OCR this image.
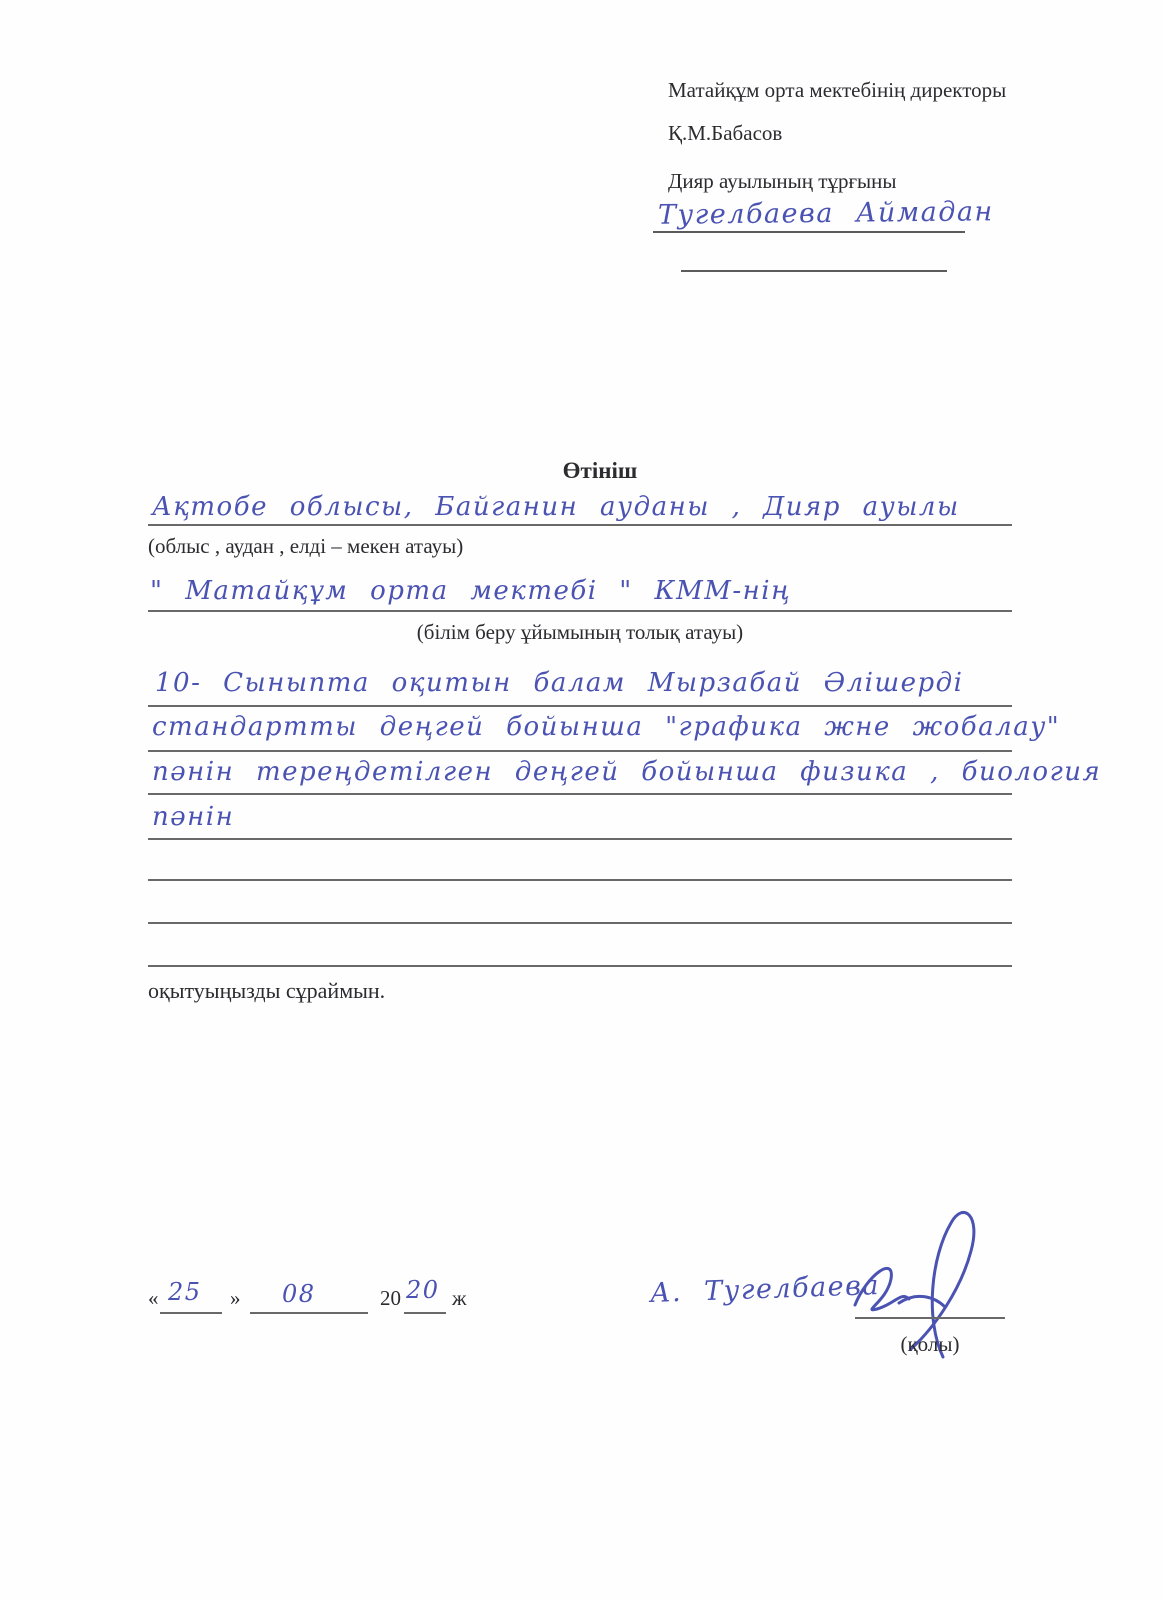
Матайқұм орта мектебінің директоры
Қ.М.Бабасов
Дияр ауылының тұрғыны
Тугелбаева Аймадан
Өтініш
Ақтобе облысы, Байганин ауданы , Дияр ауылы
(облыс , аудан , елді – мекен атауы)
" Матайқұм орта мектебі " КММ-нің
(білім беру ұйымының толық атауы)
10- Сыныпта оқитын балам Мырзабай Әлішерді
стандартты деңгей бойынша "графика жне жобалау"
пәнін тереңдетілген деңгей бойынша физика , биология
пәнін
оқытуыңызды сұраймын.
« 25 » 08	20 20 ж	А. Тугелбаева
(қолы)
